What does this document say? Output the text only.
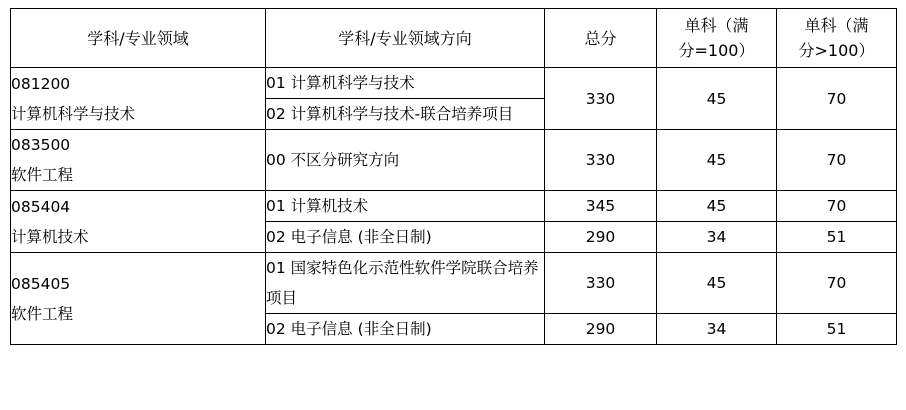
学科/专业领域	学科/专业领域方向	总分	单科（满
分=100）	单科（满
分>100）

081200
计算机科学与技术	01 计算机科学与技术	330	45	70
	02 计算机科学与技术-联合培养项目			

083500
软件工程	00 不区分研究方向	330	45	70

085404
计算机技术	01 计算机技术	345	45	70
	02 电子信息 (非全日制)	290	34	51

085405
软件工程	01 国家特色化示范性软件学院联合培养项目	330	45	70
	02 电子信息 (非全日制)	290	34	51
